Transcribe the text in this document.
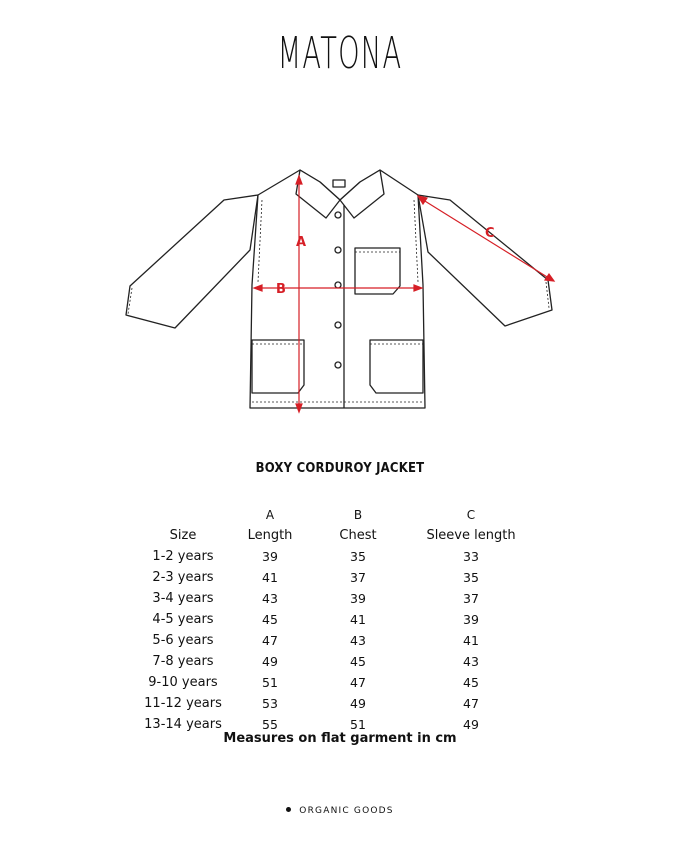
MATONA
A
B
C
BOXY CORDUROY JACKET
	A	B	C
Size	Length	Chest	Sleeve length
1-2 years	39	35	33
2-3 years	41	37	35
3-4 years	43	39	37
4-5 years	45	41	39
5-6 years	47	43	41
7-8 years	49	45	43
9-10 years	51	47	45
11-12 years	53	49	47
13-14 years	55	51	49
Measures on flat garment in cm
ORGANIC GOODS
